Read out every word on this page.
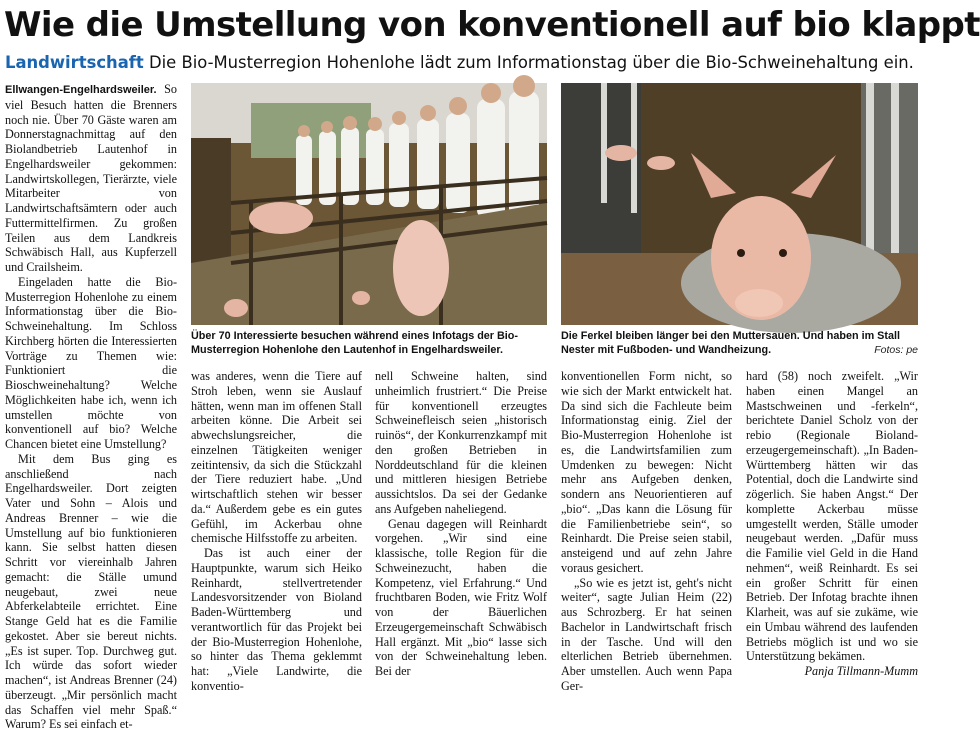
Wie die Umstellung von konventionell auf bio klappt
Landwirtschaft Die Bio-Musterregion Hohenlohe lädt zum Informationstag über die Bio-Schweinehaltung ein.

Ellwangen-Engelhardsweiler. So viel Besuch hatten die Brenners noch nie. Über 70 Gäste waren am Donnerstagnachmittag auf den Biolandbetrieb Lautenhof in Engelhardsweiler gekommen: Landwirtskollegen, Tierärzte, viele Mitarbeiter von Landwirtschaftsämtern oder auch Futtermittelfirmen. Zu großen Teilen aus dem Landkreis Schwäbisch Hall, aus Kupferzell und Crailsheim.

Eingeladen hatte die Bio-Musterregion Hohenlohe zu einem Informationstag über die Bio-Schweinehaltung. Im Schloss Kirchberg hörten die Interessierten Vorträge zu Themen wie: Funktioniert die Bioschweinehaltung? Welche Möglichkeiten habe ich, wenn ich umstellen möchte von konventionell auf bio? Welche Chancen bietet eine Umstellung?

Mit dem Bus ging es anschließend nach Engelhardsweiler. Dort zeigten Vater und Sohn – Alois und Andreas Brenner – wie die Umstellung auf bio funktionieren kann. Sie selbst hatten diesen Schritt vor viereinhalb Jahren gemacht: die Ställe umund neugebaut, zwei neue Abferkelabteile errichtet. Eine Stange Geld hat es die Familie gekostet. Aber sie bereut nichts. „Es ist super. Top. Durchweg gut. Ich würde das sofort wieder machen“, ist Andreas Brenner (24) überzeugt. „Mir persönlich macht das Schaffen viel mehr Spaß.“ Warum? Es sei einfach et-

Über 70 Interessierte besuchen während eines Infotags der Bio-Musterregion Hohenlohe den Lautenhof in Engelhardsweiler.
Die Ferkel bleiben länger bei den Muttersauen. Und haben im Stall Nester mit Fußboden- und Wandheizung.	Fotos: pe

was anderes, wenn die Tiere auf Stroh leben, wenn sie Auslauf hätten, wenn man im offenen Stall arbeiten könne. Die Arbeit sei abwechslungsreicher, die einzelnen Tätigkeiten weniger zeitintensiv, da sich die Stückzahl der Tiere reduziert habe. „Und wirtschaftlich stehen wir besser da.“ Außerdem gebe es ein gutes Gefühl, im Ackerbau ohne chemische Hilfsstoffe zu arbeiten.

Das ist auch einer der Hauptpunkte, warum sich Heiko Reinhardt, stellvertretender Landesvorsitzender von Bioland Baden-Württemberg und verantwortlich für das Projekt bei der Bio-Musterregion Hohenlohe, so hinter das Thema geklemmt hat: „Viele Landwirte, die konventio-

nell Schweine halten, sind unheimlich frustriert.“ Die Preise für konventionell erzeugtes Schweinefleisch seien „historisch ruinös“, der Konkurrenzkampf mit den großen Betrieben in Norddeutschland für die kleinen und mittleren hiesigen Betriebe aussichtslos. Da sei der Gedanke ans Aufgeben naheliegend.

Genau dagegen will Reinhardt vorgehen. „Wir sind eine klassische, tolle Region für die Schweinezucht, haben die Kompetenz, viel Erfahrung.“ Und fruchtbaren Boden, wie Fritz Wolf von der Bäuerlichen Erzeugergemeinschaft Schwäbisch Hall ergänzt. Mit „bio“ lasse sich von der Schweinehaltung leben. Bei der

konventionellen Form nicht, so wie sich der Markt entwickelt hat. Da sind sich die Fachleute beim Informationstag einig. Ziel der Bio-Musterregion Hohenlohe ist es, die Landwirtsfamilien zum Umdenken zu bewegen: Nicht mehr ans Aufgeben denken, sondern ans Neuorientieren auf „bio“. „Das kann die Lösung für die Familienbetriebe sein“, so Reinhardt. Die Preise seien stabil, ansteigend und auf zehn Jahre voraus gesichert.

„So wie es jetzt ist, geht's nicht weiter“, sagte Julian Heim (22) aus Schrozberg. Er hat seinen Bachelor in Landwirtschaft frisch in der Tasche. Und will den elterlichen Betrieb übernehmen. Aber umstellen. Auch wenn Papa Ger-

hard (58) noch zweifelt. „Wir haben einen Mangel an Mastschweinen und -ferkeln“, berichtete Daniel Scholz von der rebio (Regionale Biolanderzeugergemeinschaft). „In Baden-Württemberg hätten wir das Potential, doch die Landwirte sind zögerlich. Sie haben Angst.“ Der komplette Ackerbau müsse umgestellt werden, Ställe umoder neugebaut werden. „Dafür muss die Familie viel Geld in die Hand nehmen“, weiß Reinhardt. Es sei ein großer Schritt für einen Betrieb. Der Infotag brachte ihnen Klarheit, was auf sie zukäme, wie ein Umbau während des laufenden Betriebs möglich ist und wo sie Unterstützung bekämen.

Panja Tillmann-Mumm
